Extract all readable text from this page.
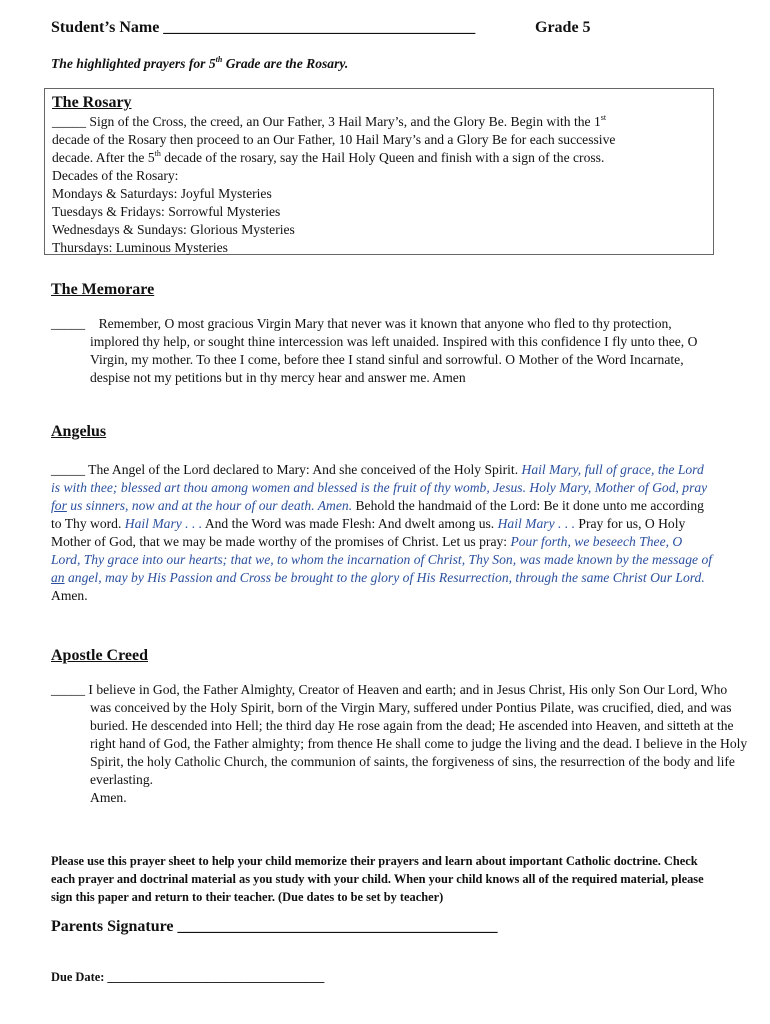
Student’s Name _______________________________________	Grade 5
The highlighted prayers for 5th Grade are the Rosary.
The Rosary

_____ Sign of the Cross, the creed, an Our Father, 3 Hail Mary’s, and the Glory Be. Begin with the 1st

decade of the Rosary then proceed to an Our Father, 10 Hail Mary’s and a Glory Be for each successive

decade. After the 5th decade of the rosary, say the Hail Holy Queen and finish with a sign of the cross.

Decades of the Rosary:

Mondays & Saturdays: Joyful Mysteries

Tuesdays & Fridays: Sorrowful Mysteries

Wednesdays & Sundays: Glorious Mysteries

Thursdays: Luminous Mysteries

The Memorare

_____ Remember, O most gracious Virgin Mary that never was it known that anyone who fled to thy protection, implored thy help, or sought thine intercession was left unaided. Inspired with this confidence I fly unto thee, O Virgin, my mother. To thee I come, before thee I stand sinful and sorrowful. O Mother of the Word Incarnate, despise not my petitions but in thy mercy hear and answer me. Amen

Angelus

_____ The Angel of the Lord declared to Mary: And she conceived of the Holy Spirit. Hail Mary, full of grace, the Lord is with thee; blessed art thou among women and blessed is the fruit of thy womb, Jesus. Holy Mary, Mother of God, pray for us sinners, now and at the hour of our death. Amen. Behold the handmaid of the Lord: Be it done unto me according to Thy word. Hail Mary . . . And the Word was made Flesh: And dwelt among us. Hail Mary . . . Pray for us, O Holy Mother of God, that we may be made worthy of the promises of Christ. Let us pray: Pour forth, we beseech Thee, O Lord, Thy grace into our hearts; that we, to whom the incarnation of Christ, Thy Son, was made known by the message of an angel, may by His Passion and Cross be brought to the glory of His Resurrection, through the same Christ Our Lord. Amen.

Apostle Creed

_____ I believe in God, the Father Almighty, Creator of Heaven and earth; and in Jesus Christ, His only Son Our Lord, Who was conceived by the Holy Spirit, born of the Virgin Mary, suffered under Pontius Pilate, was crucified, died, and was buried. He descended into Hell; the third day He rose again from the dead; He ascended into Heaven, and sitteth at the right hand of God, the Father almighty; from thence He shall come to judge the living and the dead. I believe in the Holy Spirit, the holy Catholic Church, the communion of saints, the forgiveness of sins, the resurrection of the body and life everlasting.

Amen.

Please use this prayer sheet to help your child memorize their prayers and learn about important Catholic doctrine. Check each prayer and doctrinal material as you study with your child. When your child knows all of the required material, please sign this paper and return to their teacher. (Due dates to be set by teacher)
Parents Signature ________________________________________
Due Date: ___________________________________
